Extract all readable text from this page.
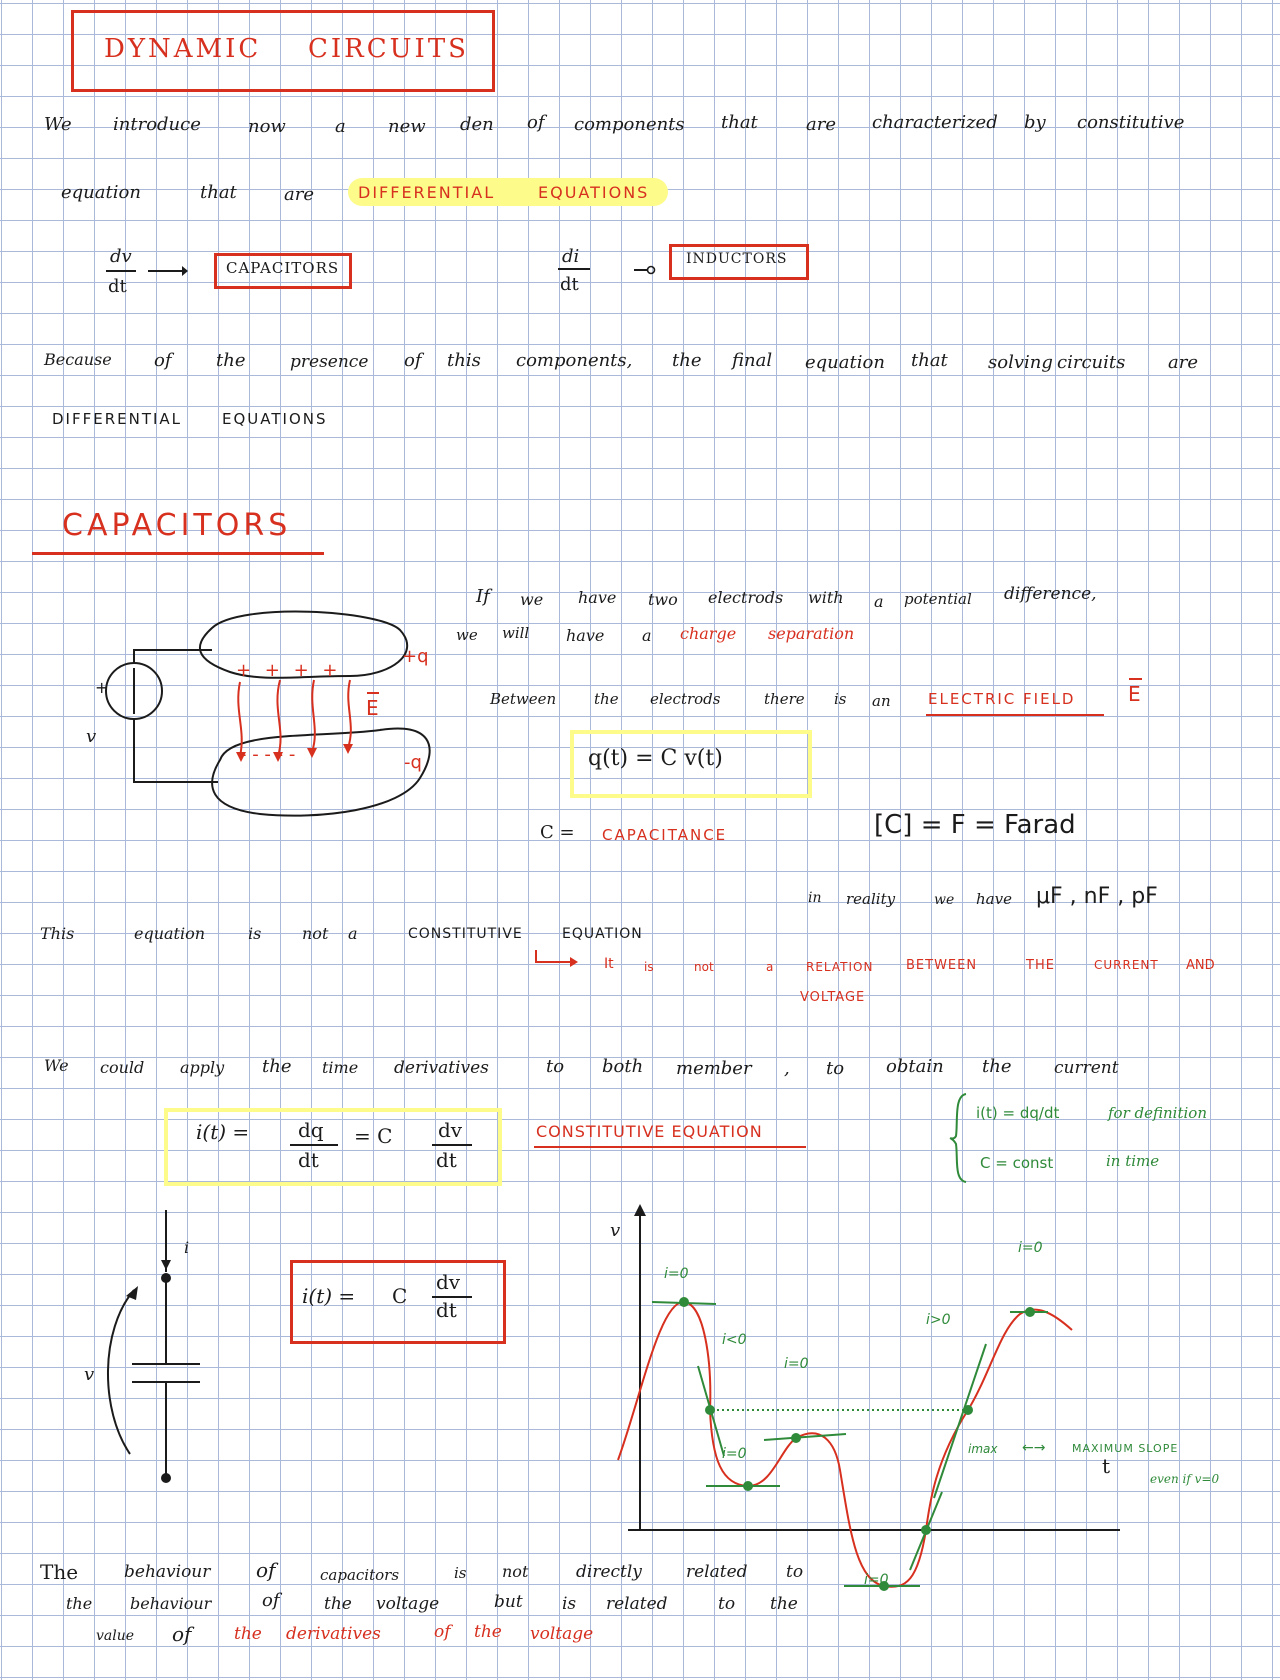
DYNAMIC CIRCUITS
We introduce	now	a new den of components that	are characterized by constitutive
equation	that	are	DIFFERENTIAL	EQUATIONS
dv
dt
CAPACITORS
di
dt
INDUCTORS
Because of the	presence of this components, the final equation that solving circuits are
DIFFERENTIAL	EQUATIONS
CAPACITORS
+
v
+ + + +
- - - - -
+q
-q
E
If we have two electrods with a potential difference,
we will have a charge separation
Between	the electrods	there is an ELECTRIC FIELD	E
q(t) = C v(t)
C = CAPACITANCE	[C] = F = Farad
in reality	we have μF , nF , pF
This	equation	is	not a	CONSTITUTIVE	EQUATION
It	is	not	a	RELATION	BETWEEN	THE	CURRENT AND
VOLTAGE
We could apply the time derivatives	to both member , to obtain the	current
i(t) = dq
dt
= C dv
dt
CONSTITUTIVE EQUATION
i(t) = dq/dt	for definition
C = const	in time
i
v
i(t) = C
dv
dt
v
t
i=0
i<0
i=0
i=0
i>0
i=0
i=0
imax ←→ MAXIMUM SLOPE
even if v=0
The	behaviour of	capacitors	is not	directly	related to
the behaviour	of	the voltage	but is related	to the
value of	the derivatives	of the voltage
